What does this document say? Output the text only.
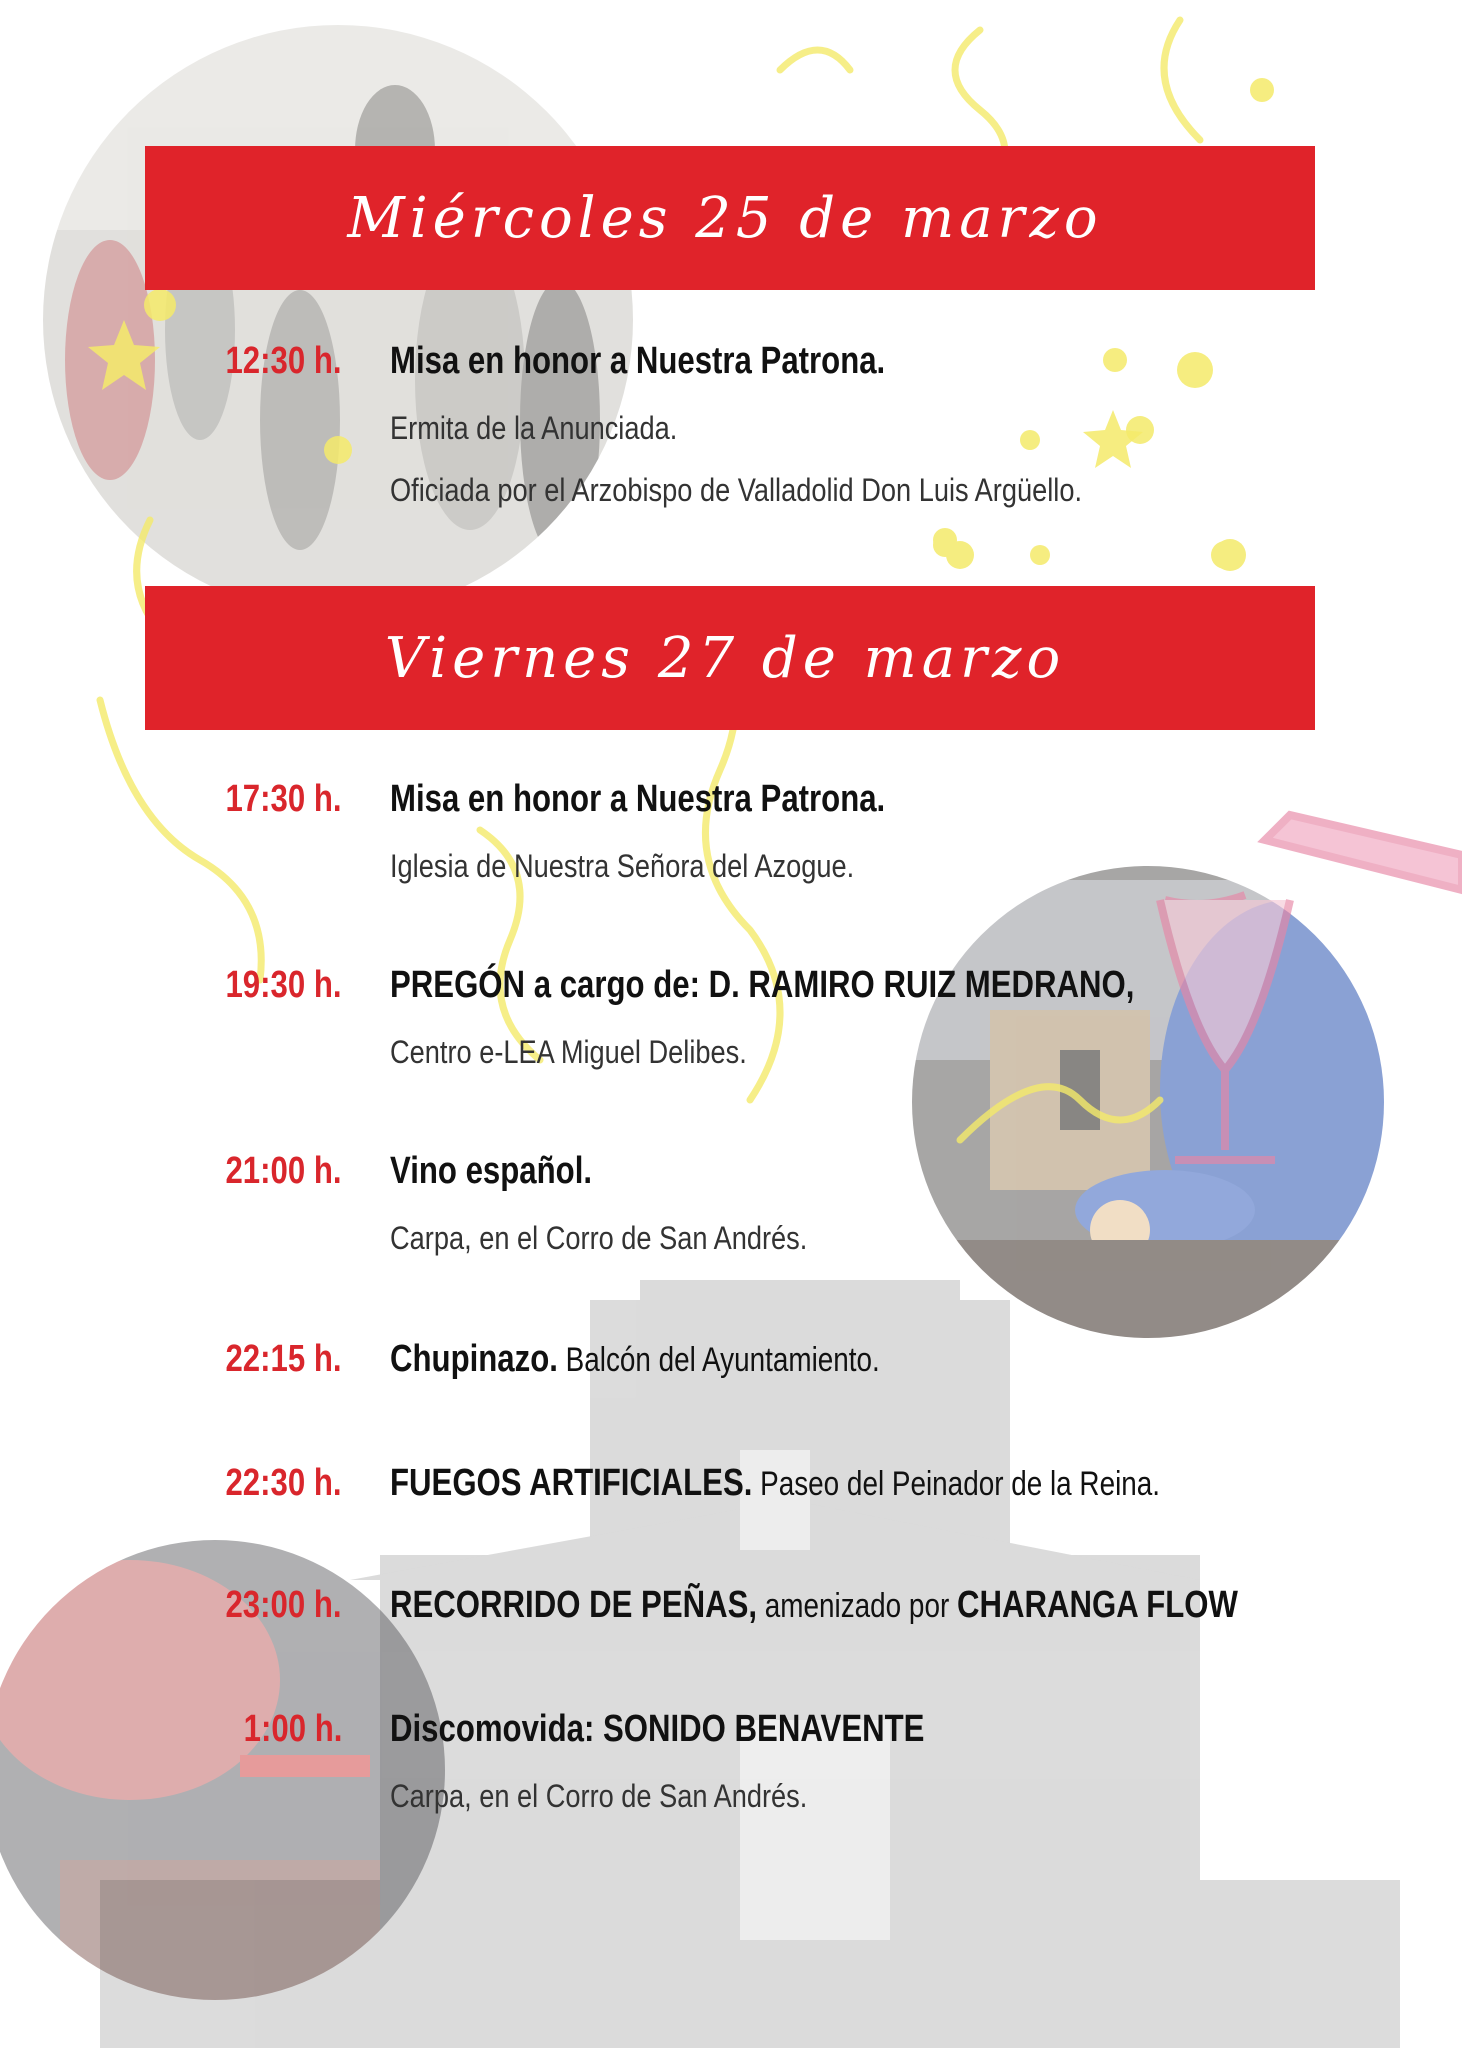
Miércoles 25 de marzo
12:30 h. Misa en honor a Nuestra Patrona.
Ermita de la Anunciada.
Oficiada por el Arzobispo de Valladolid Don Luis Argüello.
Viernes 27 de marzo
17:30 h. Misa en honor a Nuestra Patrona.
Iglesia de Nuestra Señora del Azogue.
19:30 h. PREGÓN a cargo de: D. RAMIRO RUIZ MEDRANO,
Centro e-LEA Miguel Delibes.
21:00 h. Vino español.
Carpa, en el Corro de San Andrés.
22:15 h. Chupinazo. Balcón del Ayuntamiento.
22:30 h. FUEGOS ARTIFICIALES. Paseo del Peinador de la Reina.
23:00 h. RECORRIDO DE PEÑAS, amenizado por CHARANGA FLOW
1:00 h. Discomovida: SONIDO BENAVENTE
Carpa, en el Corro de San Andrés.
